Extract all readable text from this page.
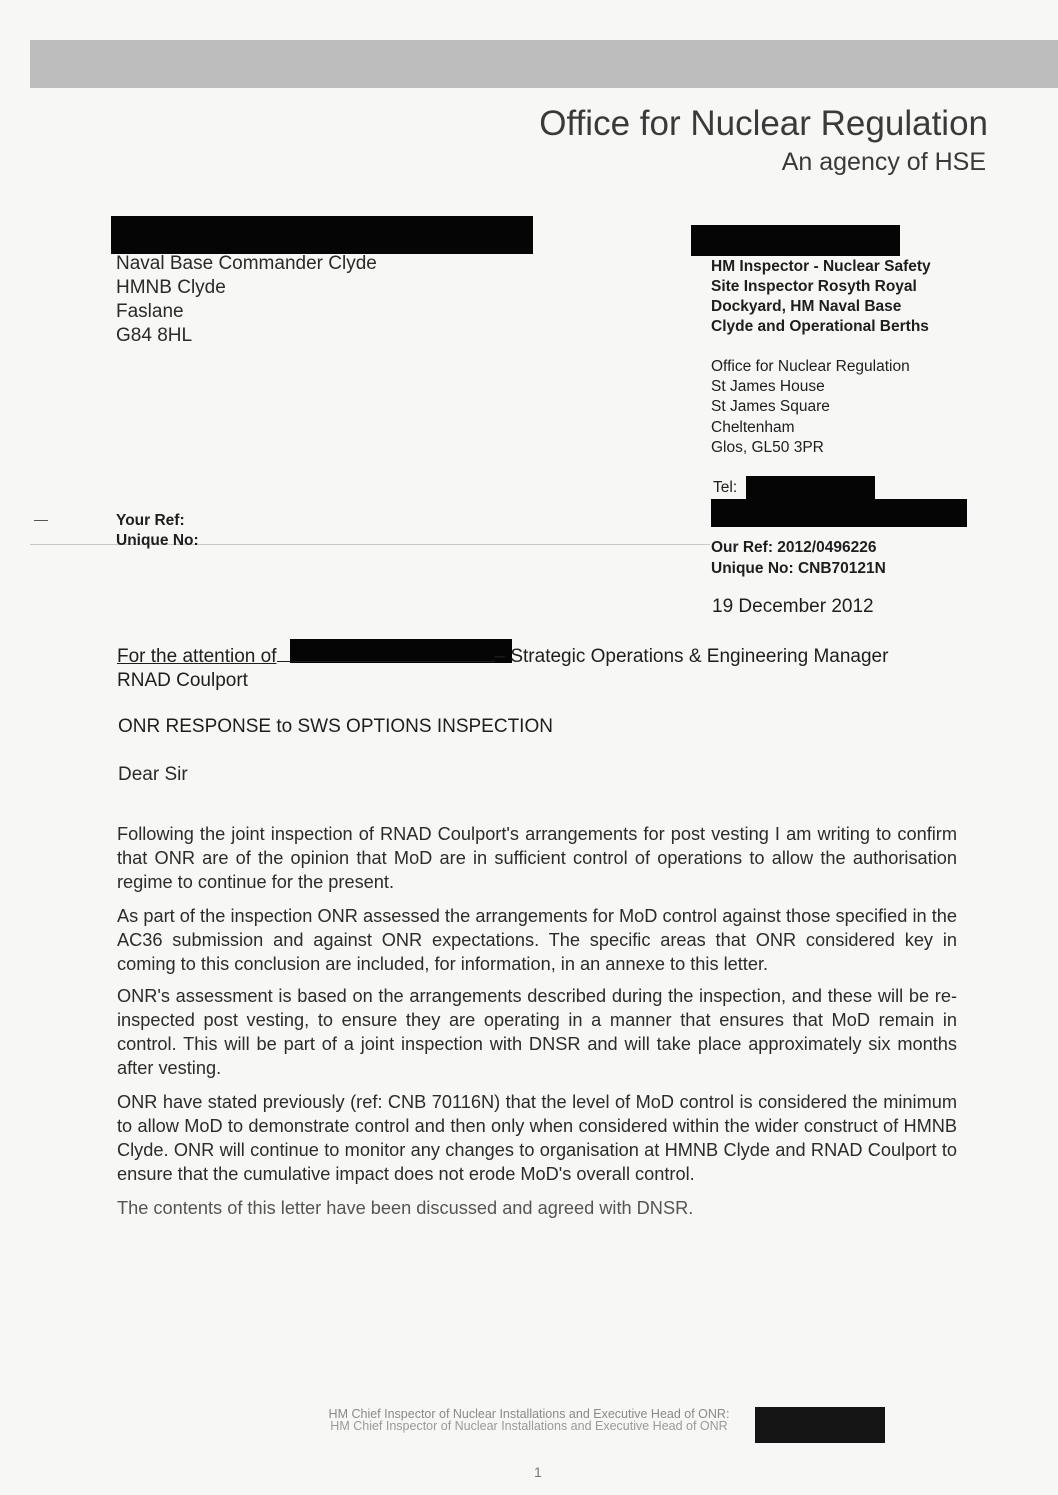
Office for Nuclear Regulation
An agency of HSE
Naval Base Commander Clyde
HMNB Clyde
Faslane
G84 8HL
HM Inspector - Nuclear Safety
Site Inspector Rosyth Royal
Dockyard, HM Naval Base
Clyde and Operational Berths
Office for Nuclear Regulation
St James House
St James Square
Cheltenham
Glos, GL50 3PR
Tel:
Your Ref:
Unique No:	Our Ref: 2012/0496226
Unique No: CNB70121N
19 December 2012
For the attention of	– Strategic Operations & Engineering Manager
RNAD Coulport
ONR RESPONSE to SWS OPTIONS INSPECTION
Dear Sir

Following the joint inspection of RNAD Coulport's arrangements for post vesting I am writing to confirm that ONR are of the opinion that MoD are in sufficient control of operations to allow the authorisation regime to continue for the present.

As part of the inspection ONR assessed the arrangements for MoD control against those specified in the AC36 submission and against ONR expectations. The specific areas that ONR considered key in coming to this conclusion are included, for information, in an annexe to this letter.

ONR's assessment is based on the arrangements described during the inspection, and these will be re-inspected post vesting, to ensure they are operating in a manner that ensures that MoD remain in control. This will be part of a joint inspection with DNSR and will take place approximately six months after vesting.

ONR have stated previously (ref: CNB 70116N) that the level of MoD control is considered the minimum to allow MoD to demonstrate control and then only when considered within the wider construct of HMNB Clyde. ONR will continue to monitor any changes to organisation at HMNB Clyde and RNAD Coulport to ensure that the cumulative impact does not erode MoD's overall control.

The contents of this letter have been discussed and agreed with DNSR.

HM Chief Inspector of Nuclear Installations and Executive Head of ONR:
HM Chief Inspector of Nuclear Installations and Executive Head of ONR
1
